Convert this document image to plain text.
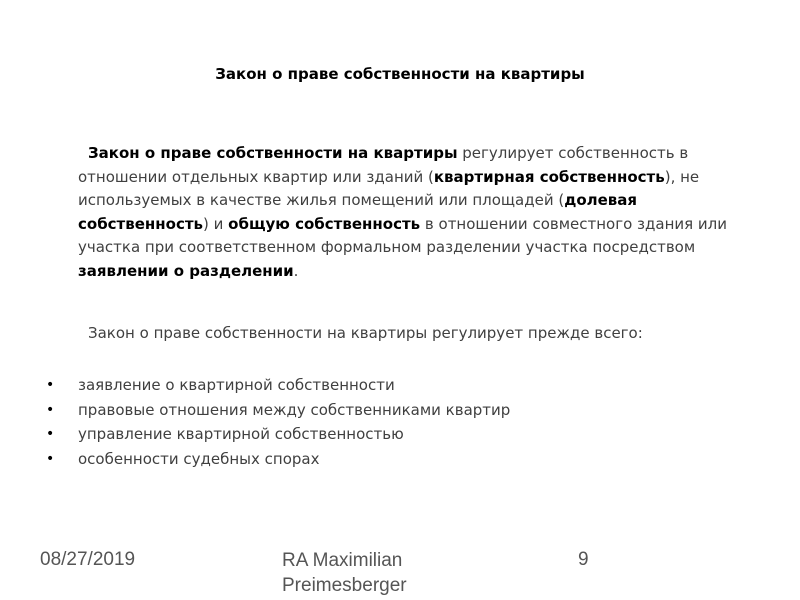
Закон о праве собственности на квартиры
Закон о праве собственности на квартиры регулирует собственность в отношении отдельных квартир или зданий (квартирная собственность), не используемых в качестве жилья помещений или площадей (долевая собственность) и общую собственность в отношении совместного здания или участка при соответственном формальном разделении участка посредством заявлении о разделении.
Закон о праве собственности на квартиры регулирует прежде всего:
• заявление о квартирной собственности
• правовые отношения между собственниками квартир
• управление квартирной собственностью
• особенности судебных спорах
08/27/2019	RA Maximilian Preimesberger
9
